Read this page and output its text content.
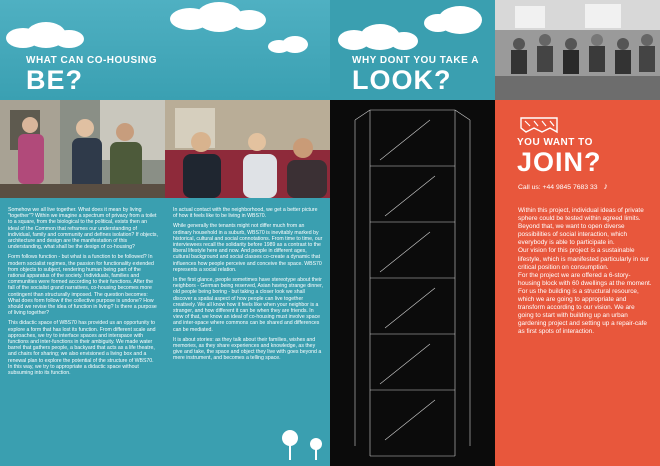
WHAT CAN CO-HOUSING
BE?

Somehow we all live together. What does it mean by living "together"? Within we imagine a spectrum of privacy from a toilet to a square, from the biological to the political, exists then an ideal of the Common that reframes our understanding of individual, family and community and defines isolation? If objects, architecture and design are the manifestation of this understanding, what shall be the design of co-housing?

Form follows function - but what is a function to be followed? In modern socialist regimes, the passion for functionality extended from objects to subject, rendering human being part of the rational apparatus of the society. Individuals, families and communities were formed according to their functions. After the fall of the socialist grand narratives, co-housing becomes more contingent than structurally imposed. The question becomes: What does form follow if the collective purpose is undone? How should we revise the idea of function in living? Is there a purpose of living together?

This didactic space of WBS70 has provided us an opportunity to explore a form that has lost its function. From different scale and approaches, we try to interface spaces and interspace with functions and inter-functions in their ambiguity. We made water barrel that gathers people, a backyard that acts as a life theatre, and chairs for sharing; we also envisioned a living box and a renewal plan to explore the potential of the structure of WBS70. In this way, we try to appropriate a didactic space without subsuming into its function.

In actual contact with the neighborhood, we get a better picture of how it feels like to be living in WBS70.

While generally the tenants might not differ much from an ordinary household in a suburb, WBS70 is inevitably marked by historical, cultural and social connotations. From time to time, our interviewees recall the solidarity before 1989 as a contrast to the liberal lifestyle here and now. And people in different ages, cultural background and social classes co-create a dynamic that influences how people perceive and conceive the space. WBS70 represents a social relation.

In the first glance, people sometimes have stereotype about their neighbors - German being reserved, Asian having strange dinner, old people being boring - but taking a closer look we shall discover a spatial aspect of how people can live together creatively. We all know how it feels like when your neighbor is a stranger, and how different it can be when they are friends. In view of that, we know an ideal of co-housing must involve space and inter-space where commons can be shared and differences can be mediated.

It is about stories: as they talk about their families, wishes and memories, as they share experiences and knowledge, as they give and take, the space and object they live with goes beyond a mere instrument, and becomes a telling space.

WHY DONT YOU TAKE A
LOOK?
YOU WANT TO
JOIN?
Call us: +44 9845 7683 33 ♪

Within this project, individual ideas of private sphere could be tested within agreed limits. Beyond that, we want to open diverse possibilities of social interaction, which everybody is able to participate in.

Our vision for this project is a sustainable lifestyle, which is manifested particularly in our critical position on consumption.

For the project we are offered a 6-story-housing block with 60 dwellings at the moment. For us the building is a structural resource, which we are going to appropriate and transform according to our vision. We are going to start with building up an urban gardening project and setting up a repair-cafe as first spots of interaction.
